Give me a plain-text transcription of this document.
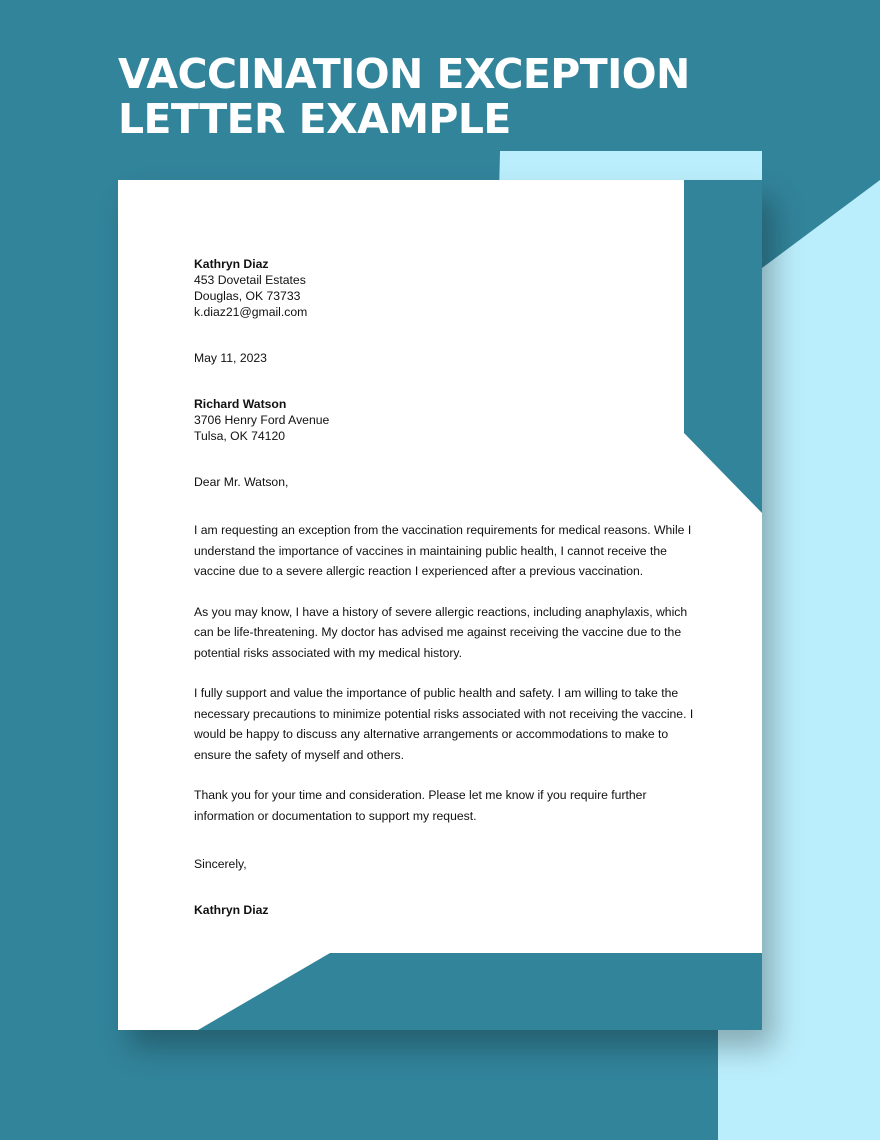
VACCINATION EXCEPTION
LETTER EXAMPLE

Kathryn Diaz

453 Dovetail Estates

Douglas, OK 73733

k.diaz21@gmail.com

May 11, 2023

Richard Watson

3706 Henry Ford Avenue

Tulsa, OK 74120

Dear Mr. Watson,

I am requesting an exception from the vaccination requirements for medical reasons. While I understand the importance of vaccines in maintaining public health, I cannot receive the vaccine due to a severe allergic reaction I experienced after a previous vaccination.

As you may know, I have a history of severe allergic reactions, including anaphylaxis, which can be life-threatening. My doctor has advised me against receiving the vaccine due to the potential risks associated with my medical history.

I fully support and value the importance of public health and safety. I am willing to take the necessary precautions to minimize potential risks associated with not receiving the vaccine. I would be happy to discuss any alternative arrangements or accommodations to make to ensure the safety of myself and others.

Thank you for your time and consideration. Please let me know if you require further information or documentation to support my request.

Sincerely,

Kathryn Diaz
